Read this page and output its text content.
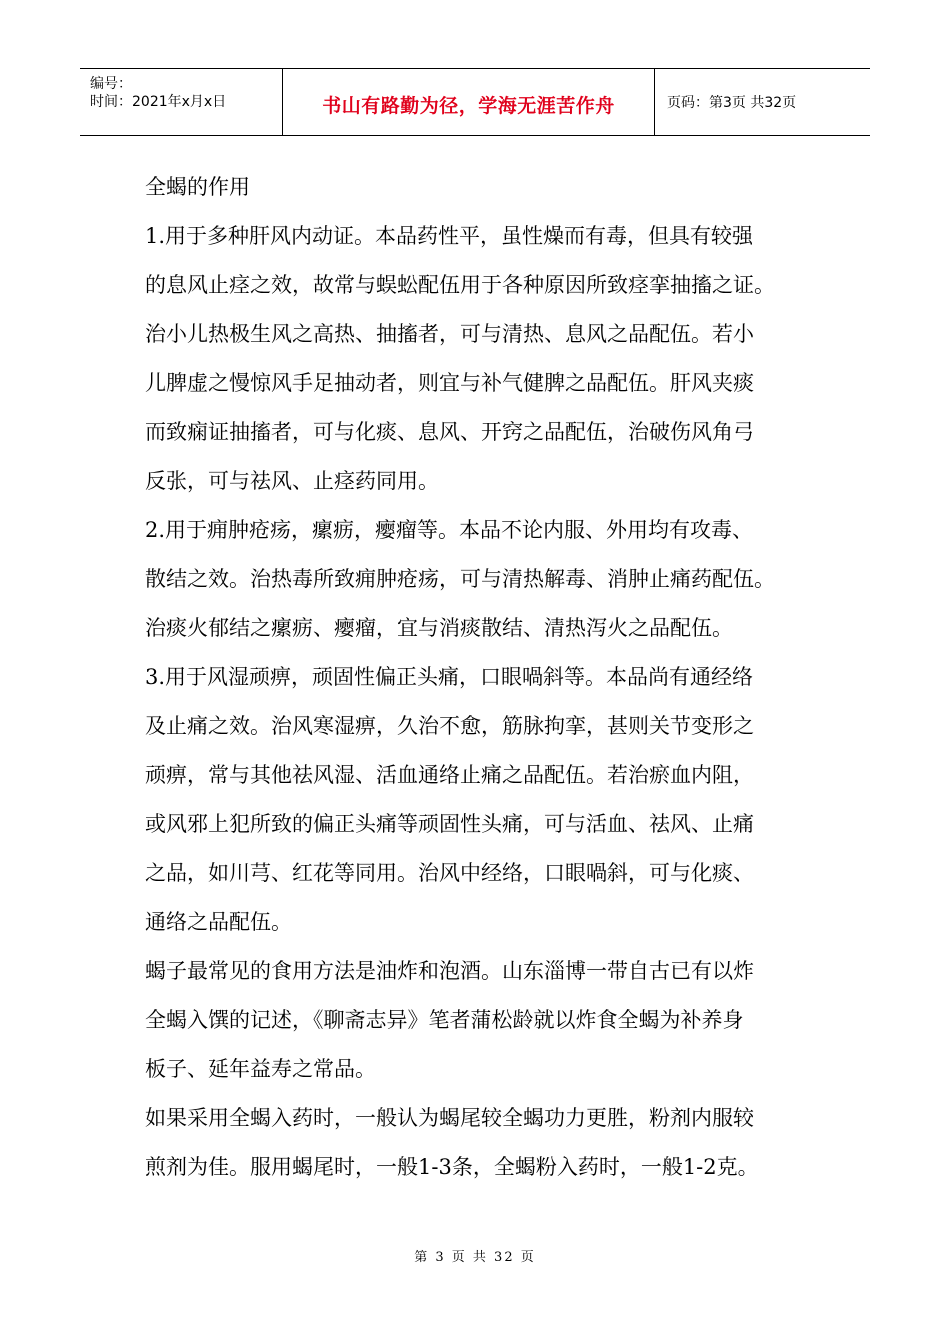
编号：
时间：2021年x月x日	书山有路勤为径，学海无涯苦作舟	页码：第3页 共32页

全蝎的作用

1.用于多种肝风内动证。本品药性平，虽性燥而有毒，但具有较强

的息风止痉之效，故常与蜈蚣配伍用于各种原因所致痉挛抽搐之证。

治小儿热极生风之高热、抽搐者，可与清热、息风之品配伍。若小

儿脾虚之慢惊风手足抽动者，则宜与补气健脾之品配伍。肝风夹痰

而致痫证抽搐者，可与化痰、息风、开窍之品配伍，治破伤风角弓

反张，可与祛风、止痉药同用。

2.用于痈肿疮疡，瘰疬，瘿瘤等。本品不论内服、外用均有攻毒、

散结之效。治热毒所致痈肿疮疡，可与清热解毒、消肿止痛药配伍。

治痰火郁结之瘰疬、瘿瘤，宜与消痰散结、清热泻火之品配伍。

3.用于风湿顽痹，顽固性偏正头痛，口眼喎斜等。本品尚有通经络

及止痛之效。治风寒湿痹，久治不愈，筋脉拘挛，甚则关节变形之

顽痹，常与其他祛风湿、活血通络止痛之品配伍。若治瘀血内阻，

或风邪上犯所致的偏正头痛等顽固性头痛，可与活血、祛风、止痛

之品，如川芎、红花等同用。治风中经络，口眼喎斜，可与化痰、

通络之品配伍。

蝎子最常见的食用方法是油炸和泡酒。山东淄博一带自古已有以炸

全蝎入馔的记述，《聊斋志异》笔者蒲松龄就以炸食全蝎为补养身

板子、延年益寿之常品。

如果采用全蝎入药时，一般认为蝎尾较全蝎功力更胜，粉剂内服较

煎剂为佳。服用蝎尾时，一般1-3条，全蝎粉入药时，一般1-2克。

第 3 页 共 32 页
